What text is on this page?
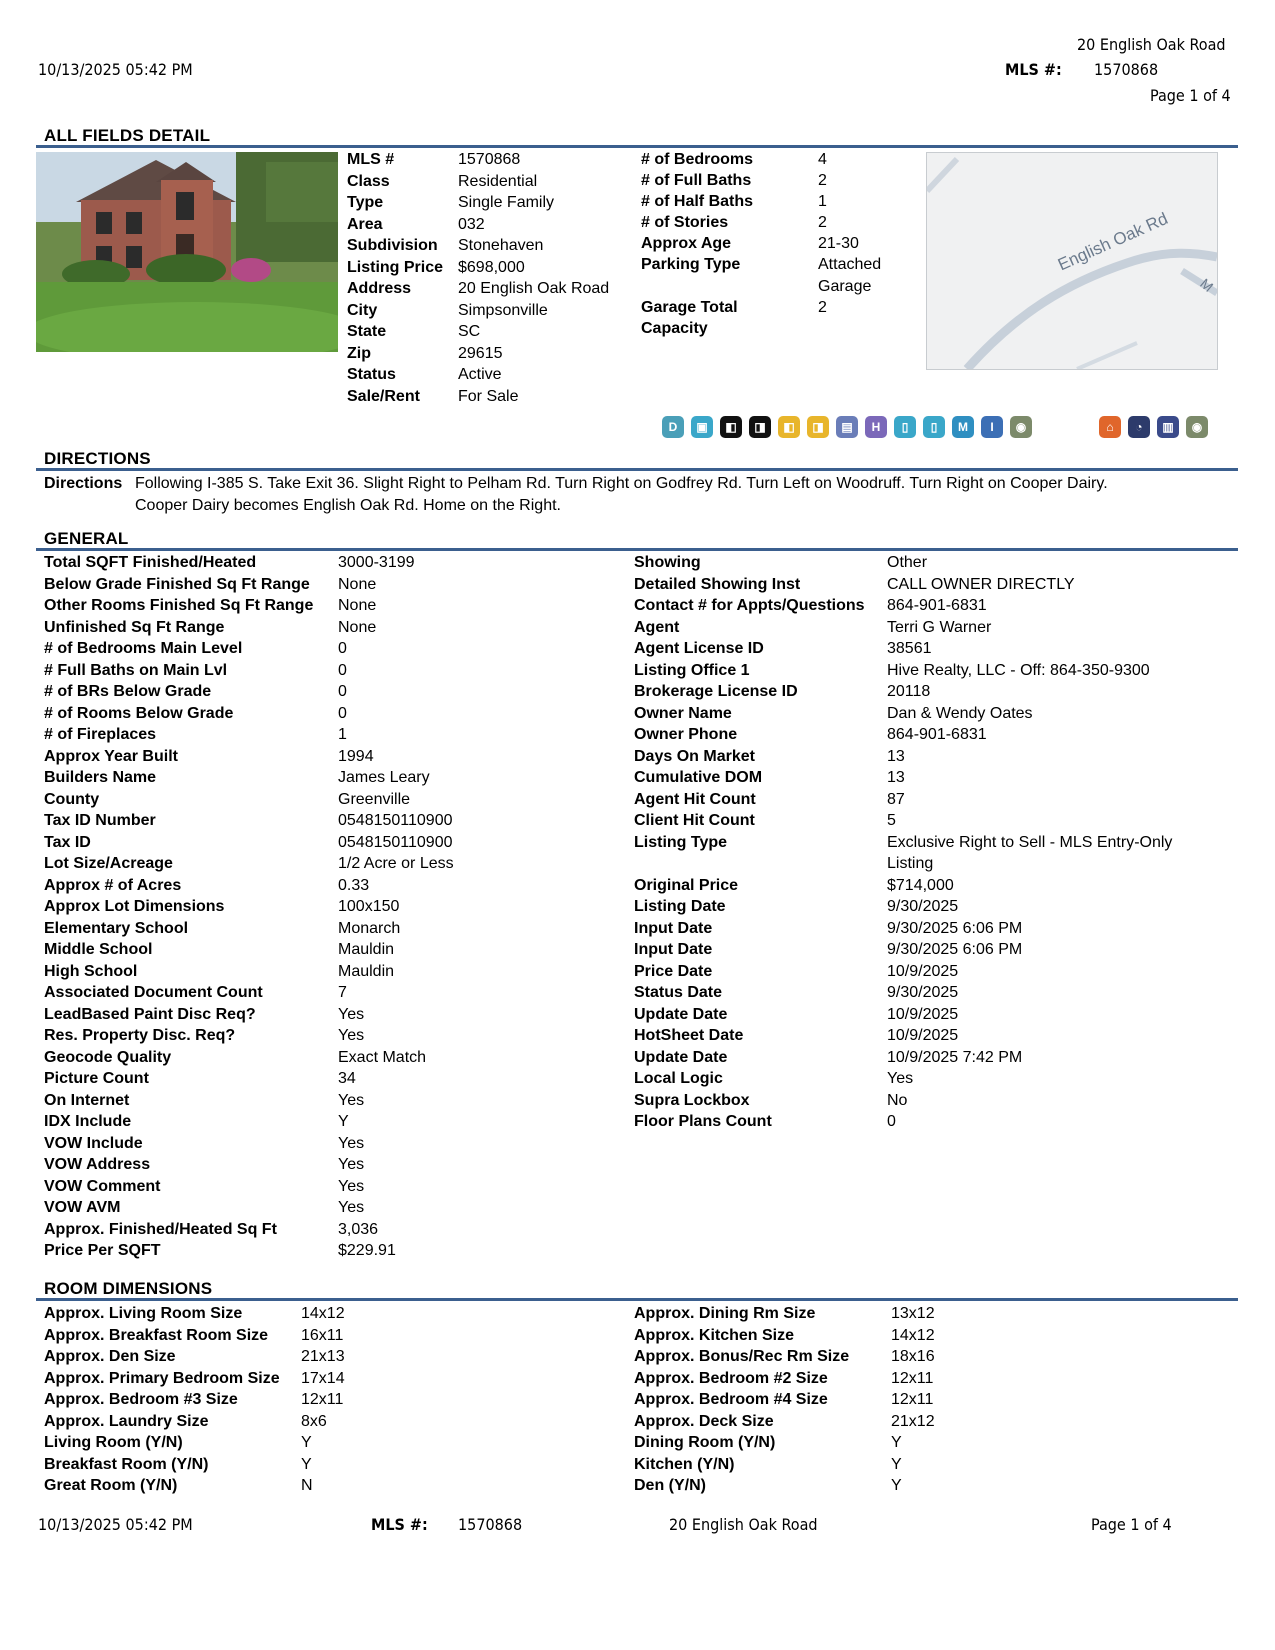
20 English Oak Road
10/13/2025 05:42 PM	MLS #: 1570868
Page 1 of 4
ALL FIELDS DETAIL
MLS #	1570868
Class	Residential
Type	Single Family
Area	032
Subdivision Stonehaven
Listing Price $698,000
Address	20 English Oak Road
City	Simpsonville
State	SC
Zip	29615
Status	Active
Sale/Rent For Sale
# of Bedrooms	4
# of Full Baths	2
# of Half Baths	1
# of Stories	2
Approx Age	21-30
Parking Type	Attached
Garage
Garage Total	2
Capacity
English Oak Rd
M
D	▣	◧	◨	◧	◨	▤	H	▯	▯	M	I	◉	⌂	◔	▥	◉
DIRECTIONS
Directions Following I-385 S. Take Exit 36. Slight Right to Pelham Rd. Turn Right on Godfrey Rd. Turn Left on Woodruff. Turn Right on Cooper Dairy.
Cooper Dairy becomes English Oak Rd. Home on the Right.
GENERAL
Total SQFT Finished/Heated	3000-3199
Below Grade Finished Sq Ft Range None
Other Rooms Finished Sq Ft Range None
Unfinished Sq Ft Range	None
# of Bedrooms Main Level	0
# Full Baths on Main Lvl	0
# of BRs Below Grade	0
# of Rooms Below Grade	0
# of Fireplaces	1
Approx Year Built	1994
Builders Name	James Leary
County	Greenville
Tax ID Number	0548150110900
Tax ID	0548150110900
Lot Size/Acreage	1/2 Acre or Less
Approx # of Acres	0.33
Approx Lot Dimensions	100x150
Elementary School	Monarch
Middle School	Mauldin
High School	Mauldin
Associated Document Count	7
LeadBased Paint Disc Req?	Yes
Res. Property Disc. Req?	Yes
Geocode Quality	Exact Match
Picture Count	34
On Internet	Yes
IDX Include	Y
VOW Include	Yes
VOW Address	Yes
VOW Comment	Yes
VOW AVM	Yes
Approx. Finished/Heated Sq Ft	3,036
Price Per SQFT	$229.91
Showing	Other
Detailed Showing Inst	CALL OWNER DIRECTLY
Contact # for Appts/Questions 864-901-6831
Agent	Terri G Warner
Agent License ID	38561
Listing Office 1	Hive Realty, LLC - Off: 864-350-9300
Brokerage License ID	20118
Owner Name	Dan & Wendy Oates
Owner Phone	864-901-6831
Days On Market	13
Cumulative DOM	13
Agent Hit Count	87
Client Hit Count	5
Listing Type	Exclusive Right to Sell - MLS Entry-Only
Listing
Original Price	$714,000
Listing Date	9/30/2025
Input Date	9/30/2025 6:06 PM
Input Date	9/30/2025 6:06 PM
Price Date	10/9/2025
Status Date	9/30/2025
Update Date	10/9/2025
HotSheet Date	10/9/2025
Update Date	10/9/2025 7:42 PM
Local Logic	Yes
Supra Lockbox	No
Floor Plans Count	0
ROOM DIMENSIONS
Approx. Living Room Size	14x12
Approx. Breakfast Room Size 16x11
Approx. Den Size	21x13
Approx. Primary Bedroom Size 17x14
Approx. Bedroom #3 Size	12x11
Approx. Laundry Size	8x6
Living Room (Y/N)	Y
Breakfast Room (Y/N)	Y
Great Room (Y/N)	N
Approx. Dining Rm Size	13x12
Approx. Kitchen Size	14x12
Approx. Bonus/Rec Rm Size	18x16
Approx. Bedroom #2 Size	12x11
Approx. Bedroom #4 Size	12x11
Approx. Deck Size	21x12
Dining Room (Y/N)	Y
Kitchen (Y/N)	Y
Den (Y/N)	Y
10/13/2025 05:42 PM	MLS #: 1570868	20 English Oak Road	Page 1 of 4
